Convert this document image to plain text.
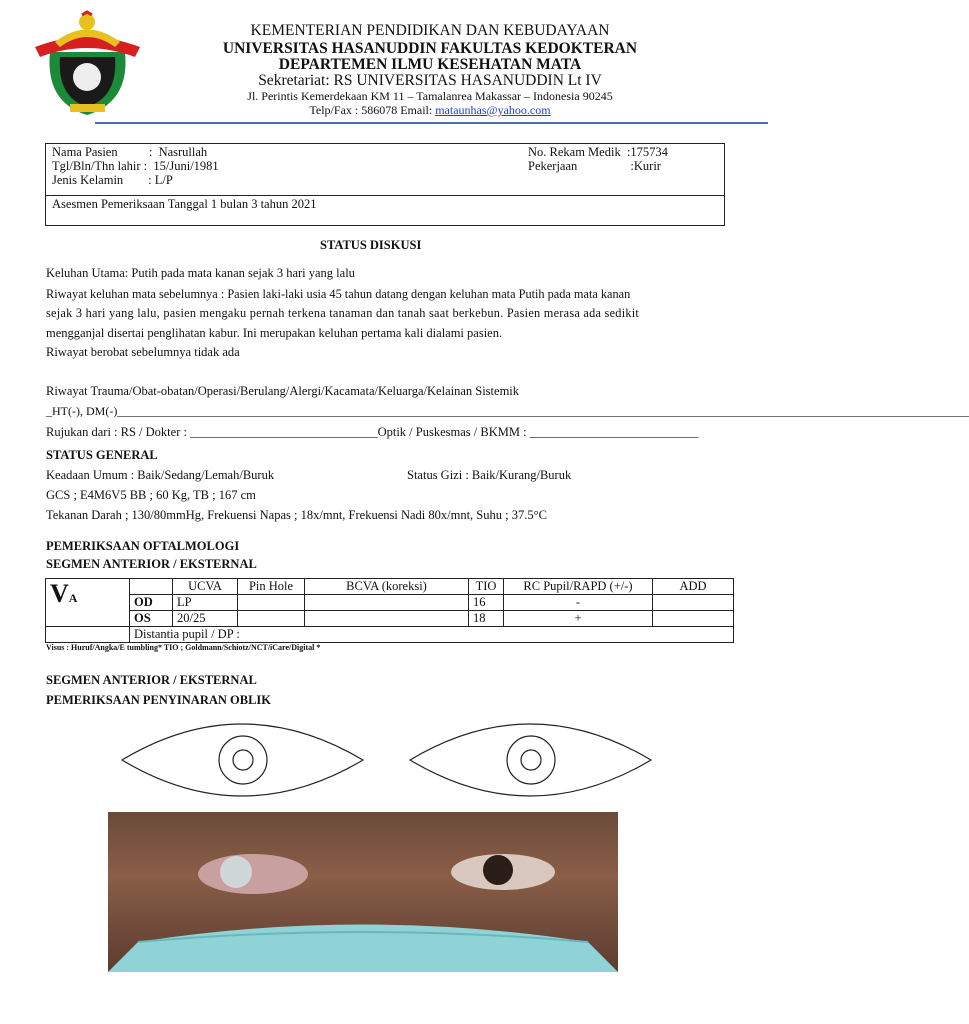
KEMENTERIAN PENDIDIKAN DAN KEBUDAYAAN
UNIVERSITAS HASANUDDIN FAKULTAS KEDOKTERAN
DEPARTEMEN ILMU KESEHATAN MATA
Sekretariat: RS UNIVERSITAS HASANUDDIN Lt IV
Jl. Perintis Kemerdekaan KM 11 – Tamalanrea Makassar – Indonesia 90245
Telp/Fax : 586078 Email: mataunhas@yahoo.com
Nama Pasien          :  Nasrullah
Tgl/Bln/Thn lahir :  15/Juni/1981
Jenis Kelamin        : L/P
No. Rekam Medik  :175734
Pekerjaan                 :Kurir
Asesmen Pemeriksaan Tanggal 1 bulan 3 tahun 2021
STATUS DISKUSI
Keluhan Utama: Putih pada mata kanan sejak 3 hari yang lalu
Riwayat keluhan mata sebelumnya : Pasien laki-laki usia 45 tahun datang dengan keluhan mata Putih pada mata kanan
sejak 3 hari yang lalu, pasien mengaku pernah terkena tanaman dan tanah saat berkebun. Pasien merasa ada sedikit
mengganjal disertai penglihatan kabur. Ini merupakan keluhan pertama kali dialami pasien.
Riwayat berobat sebelumnya tidak ada
Riwayat Trauma/Obat-obatan/Operasi/Berulang/Alergi/Kacamata/Keluarga/Kelainan Sistemik
_HT(-), DM(-)______________________________________________________________________________________________________________________________________________
Rujukan dari : RS / Dokter : ______________________________Optik / Puskesmas / BKMM : ___________________________
STATUS GENERAL
Keadaan Umum : Baik/Sedang/Lemah/Buruk	Status Gizi : Baik/Kurang/Buruk
GCS ; E4M6V5 BB ; 60 Kg, TB ; 167 cm
Tekanan Darah ; 130/80mmHg, Frekuensi Napas ; 18x/mnt, Frekuensi Nadi 80x/mnt, Suhu ; 37.5°C
PEMERIKSAAN OFTALMOLOGI
SEGMEN ANTERIOR / EKSTERNAL
VA		UCVA	Pin Hole	BCVA (koreksi)	TIO	RC Pupil/RAPD (+/-)	ADD
	OD	LP			16	-	
	OS	20/25			18	+	
	Distantia pupil / DP :						
Visus : Huruf/Angka/E tumbling* TIO ; Goldmann/Schiotz/NCT/iCare/Digital *
SEGMEN ANTERIOR / EKSTERNAL
PEMERIKSAAN PENYINARAN OBLIK
